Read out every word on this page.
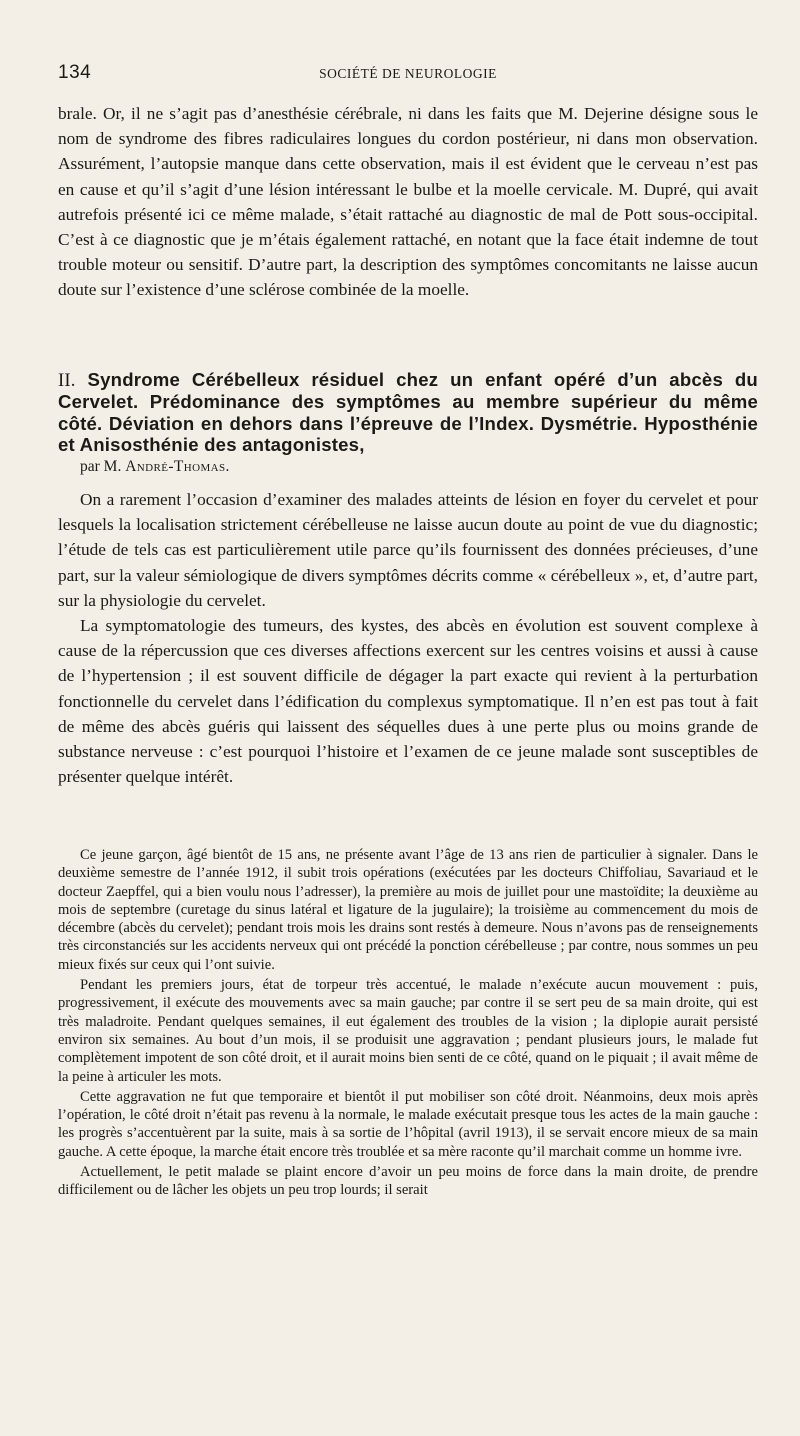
134	SOCIÉTÉ DE NEUROLOGIE

brale. Or, il ne s’agit pas d’anesthésie cérébrale, ni dans les faits que M. Dejerine désigne sous le nom de syndrome des fibres radiculaires longues du cordon postérieur, ni dans mon observation. Assurément, l’autopsie manque dans cette observation, mais il est évident que le cerveau n’est pas en cause et qu’il s’agit d’une lésion intéressant le bulbe et la moelle cervicale. M. Dupré, qui avait autrefois présenté ici ce même malade, s’était rattaché au diagnostic de mal de Pott sous-occipital. C’est à ce diagnostic que je m’étais également rattaché, en notant que la face était indemne de tout trouble moteur ou sensitif. D’autre part, la description des symptômes concomitants ne laisse aucun doute sur l’existence d’une sclérose combinée de la moelle.

II. Syndrome Cérébelleux résiduel chez un enfant opéré d’un abcès du Cervelet. Prédominance des symptômes au membre supérieur du même côté. Déviation en dehors dans l’épreuve de l’Index. Dysmétrie. Hyposthénie et Anisosthénie des antagonistes,

par M. André-Thomas.

On a rarement l’occasion d’examiner des malades atteints de lésion en foyer du cervelet et pour lesquels la localisation strictement cérébelleuse ne laisse aucun doute au point de vue du diagnostic; l’étude de tels cas est particulièrement utile parce qu’ils fournissent des données précieuses, d’une part, sur la valeur sémiologique de divers symptômes décrits comme « cérébelleux », et, d’autre part, sur la physiologie du cervelet.

La symptomatologie des tumeurs, des kystes, des abcès en évolution est souvent complexe à cause de la répercussion que ces diverses affections exercent sur les centres voisins et aussi à cause de l’hypertension ; il est souvent difficile de dégager la part exacte qui revient à la perturbation fonctionnelle du cervelet dans l’édification du complexus symptomatique. Il n’en est pas tout à fait de même des abcès guéris qui laissent des séquelles dues à une perte plus ou moins grande de substance nerveuse : c’est pourquoi l’histoire et l’examen de ce jeune malade sont susceptibles de présenter quelque intérêt.

Ce jeune garçon, âgé bientôt de 15 ans, ne présente avant l’âge de 13 ans rien de particulier à signaler. Dans le deuxième semestre de l’année 1912, il subit trois opérations (exécutées par les docteurs Chiffoliau, Savariaud et le docteur Zaepffel, qui a bien voulu nous l’adresser), la première au mois de juillet pour une mastoïdite; la deuxième au mois de septembre (curetage du sinus latéral et ligature de la jugulaire); la troisième au commencement du mois de décembre (abcès du cervelet); pendant trois mois les drains sont restés à demeure. Nous n’avons pas de renseignements très circonstanciés sur les accidents nerveux qui ont précédé la ponction cérébelleuse ; par contre, nous sommes un peu mieux fixés sur ceux qui l’ont suivie.

Pendant les premiers jours, état de torpeur très accentué, le malade n’exécute aucun mouvement : puis, progressivement, il exécute des mouvements avec sa main gauche; par contre il se sert peu de sa main droite, qui est très maladroite. Pendant quelques semaines, il eut également des troubles de la vision ; la diplopie aurait persisté environ six semaines. Au bout d’un mois, il se produisit une aggravation ; pendant plusieurs jours, le malade fut complètement impotent de son côté droit, et il aurait moins bien senti de ce côté, quand on le piquait ; il avait même de la peine à articuler les mots.

Cette aggravation ne fut que temporaire et bientôt il put mobiliser son côté droit. Néanmoins, deux mois après l’opération, le côté droit n’était pas revenu à la normale, le malade exécutait presque tous les actes de la main gauche : les progrès s’accentuèrent par la suite, mais à sa sortie de l’hôpital (avril 1913), il se servait encore mieux de sa main gauche. A cette époque, la marche était encore très troublée et sa mère raconte qu’il marchait comme un homme ivre.

Actuellement, le petit malade se plaint encore d’avoir un peu moins de force dans la main droite, de prendre difficilement ou de lâcher les objets un peu trop lourds; il serait
